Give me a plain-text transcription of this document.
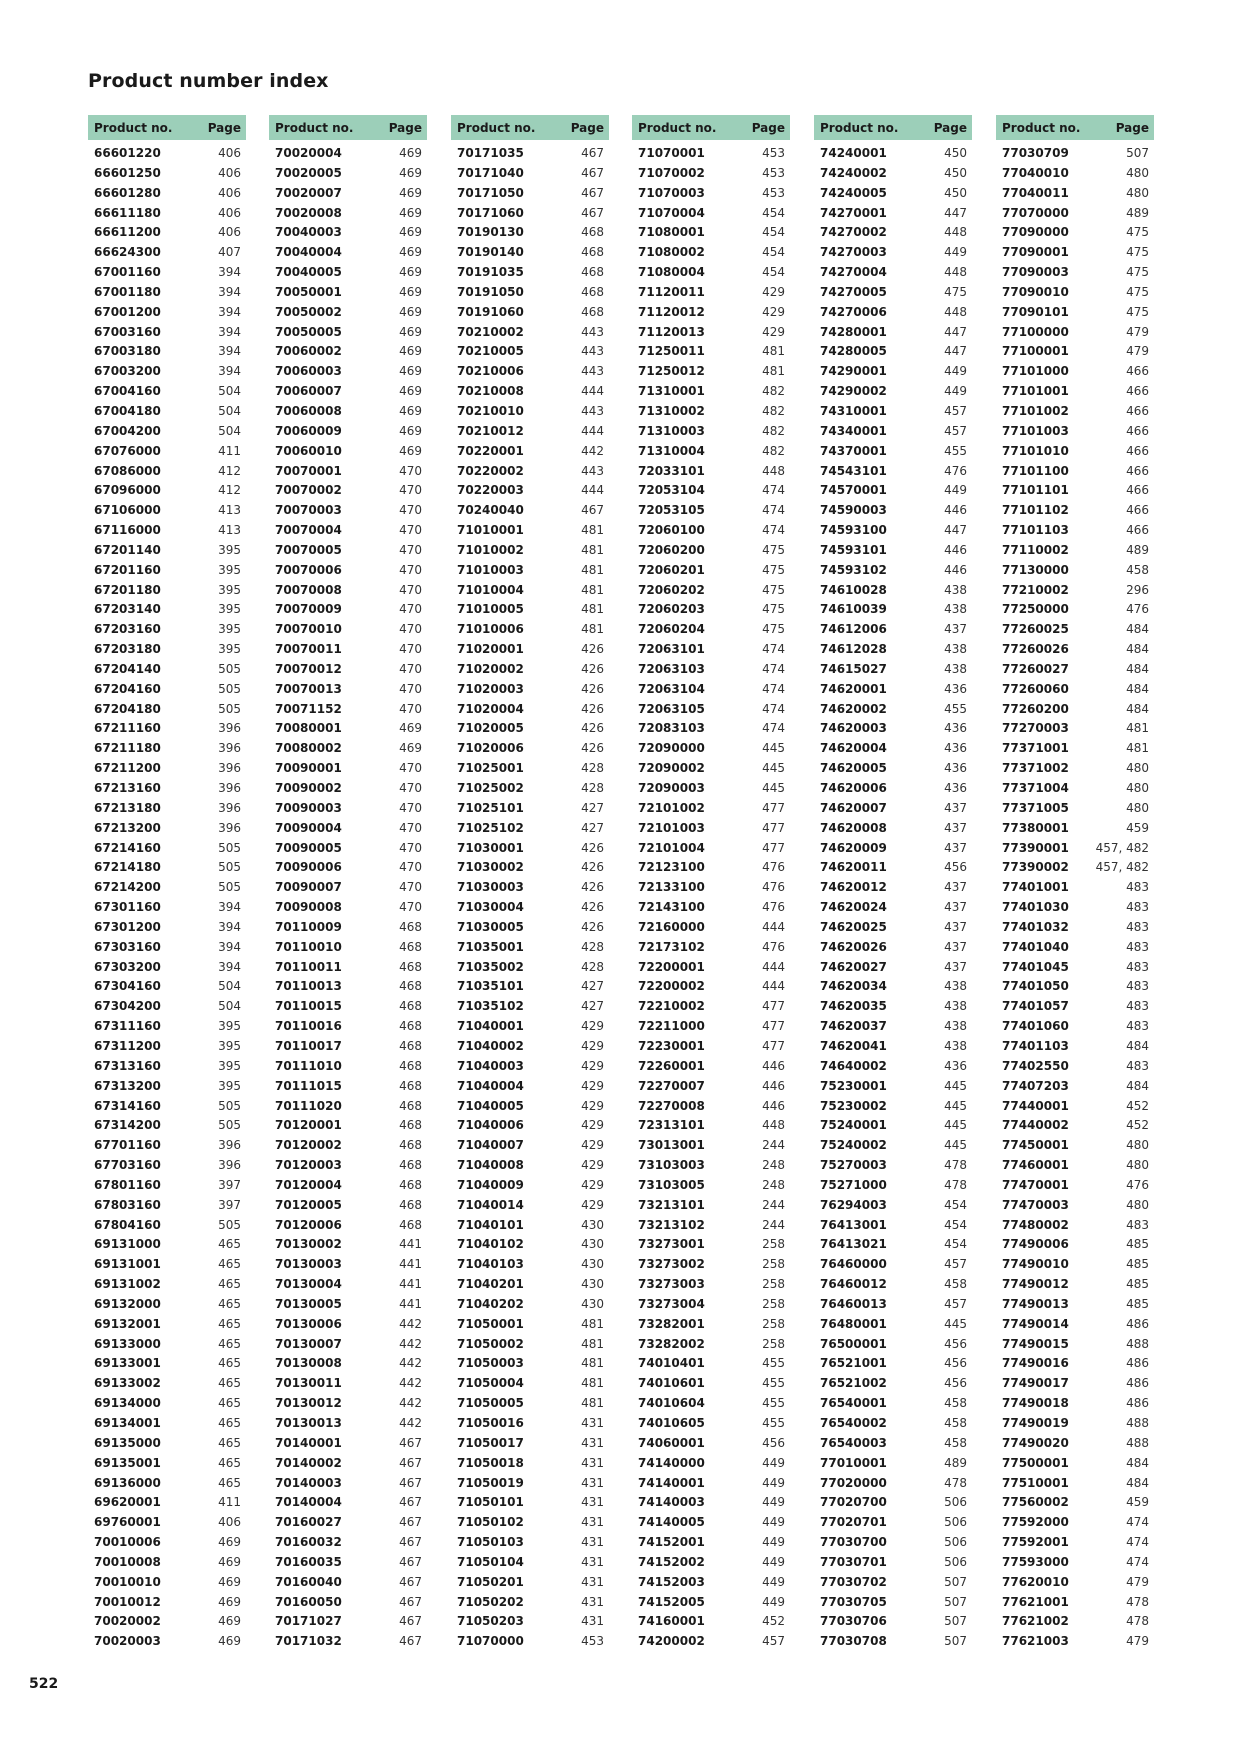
Product number index
Product no.	Page
66601220	406
66601250	406
66601280	406
66611180	406
66611200	406
66624300	407
67001160	394
67001180	394
67001200	394
67003160	394
67003180	394
67003200	394
67004160	504
67004180	504
67004200	504
67076000	411
67086000	412
67096000	412
67106000	413
67116000	413
67201140	395
67201160	395
67201180	395
67203140	395
67203160	395
67203180	395
67204140	505
67204160	505
67204180	505
67211160	396
67211180	396
67211200	396
67213160	396
67213180	396
67213200	396
67214160	505
67214180	505
67214200	505
67301160	394
67301200	394
67303160	394
67303200	394
67304160	504
67304200	504
67311160	395
67311200	395
67313160	395
67313200	395
67314160	505
67314200	505
67701160	396
67703160	396
67801160	397
67803160	397
67804160	505
69131000	465
69131001	465
69131002	465
69132000	465
69132001	465
69133000	465
69133001	465
69133002	465
69134000	465
69134001	465
69135000	465
69135001	465
69136000	465
69620001	411
69760001	406
70010006	469
70010008	469
70010010	469
70010012	469
70020002	469
70020003	469
Product no.	Page
70020004	469
70020005	469
70020007	469
70020008	469
70040003	469
70040004	469
70040005	469
70050001	469
70050002	469
70050005	469
70060002	469
70060003	469
70060007	469
70060008	469
70060009	469
70060010	469
70070001	470
70070002	470
70070003	470
70070004	470
70070005	470
70070006	470
70070008	470
70070009	470
70070010	470
70070011	470
70070012	470
70070013	470
70071152	470
70080001	469
70080002	469
70090001	470
70090002	470
70090003	470
70090004	470
70090005	470
70090006	470
70090007	470
70090008	470
70110009	468
70110010	468
70110011	468
70110013	468
70110015	468
70110016	468
70110017	468
70111010	468
70111015	468
70111020	468
70120001	468
70120002	468
70120003	468
70120004	468
70120005	468
70120006	468
70130002	441
70130003	441
70130004	441
70130005	441
70130006	442
70130007	442
70130008	442
70130011	442
70130012	442
70130013	442
70140001	467
70140002	467
70140003	467
70140004	467
70160027	467
70160032	467
70160035	467
70160040	467
70160050	467
70171027	467
70171032	467
Product no.	Page
70171035	467
70171040	467
70171050	467
70171060	467
70190130	468
70190140	468
70191035	468
70191050	468
70191060	468
70210002	443
70210005	443
70210006	443
70210008	444
70210010	443
70210012	444
70220001	442
70220002	443
70220003	444
70240040	467
71010001	481
71010002	481
71010003	481
71010004	481
71010005	481
71010006	481
71020001	426
71020002	426
71020003	426
71020004	426
71020005	426
71020006	426
71025001	428
71025002	428
71025101	427
71025102	427
71030001	426
71030002	426
71030003	426
71030004	426
71030005	426
71035001	428
71035002	428
71035101	427
71035102	427
71040001	429
71040002	429
71040003	429
71040004	429
71040005	429
71040006	429
71040007	429
71040008	429
71040009	429
71040014	429
71040101	430
71040102	430
71040103	430
71040201	430
71040202	430
71050001	481
71050002	481
71050003	481
71050004	481
71050005	481
71050016	431
71050017	431
71050018	431
71050019	431
71050101	431
71050102	431
71050103	431
71050104	431
71050201	431
71050202	431
71050203	431
71070000	453
Product no.	Page
71070001	453
71070002	453
71070003	453
71070004	454
71080001	454
71080002	454
71080004	454
71120011	429
71120012	429
71120013	429
71250011	481
71250012	481
71310001	482
71310002	482
71310003	482
71310004	482
72033101	448
72053104	474
72053105	474
72060100	474
72060200	475
72060201	475
72060202	475
72060203	475
72060204	475
72063101	474
72063103	474
72063104	474
72063105	474
72083103	474
72090000	445
72090002	445
72090003	445
72101002	477
72101003	477
72101004	477
72123100	476
72133100	476
72143100	476
72160000	444
72173102	476
72200001	444
72200002	444
72210002	477
72211000	477
72230001	477
72260001	446
72270007	446
72270008	446
72313101	448
73013001	244
73103003	248
73103005	248
73213101	244
73213102	244
73273001	258
73273002	258
73273003	258
73273004	258
73282001	258
73282002	258
74010401	455
74010601	455
74010604	455
74010605	455
74060001	456
74140000	449
74140001	449
74140003	449
74140005	449
74152001	449
74152002	449
74152003	449
74152005	449
74160001	452
74200002	457
Product no.	Page
74240001	450
74240002	450
74240005	450
74270001	447
74270002	448
74270003	449
74270004	448
74270005	475
74270006	448
74280001	447
74280005	447
74290001	449
74290002	449
74310001	457
74340001	457
74370001	455
74543101	476
74570001	449
74590003	446
74593100	447
74593101	446
74593102	446
74610028	438
74610039	438
74612006	437
74612028	438
74615027	438
74620001	436
74620002	455
74620003	436
74620004	436
74620005	436
74620006	436
74620007	437
74620008	437
74620009	437
74620011	456
74620012	437
74620024	437
74620025	437
74620026	437
74620027	437
74620034	438
74620035	438
74620037	438
74620041	438
74640002	436
75230001	445
75230002	445
75240001	445
75240002	445
75270003	478
75271000	478
76294003	454
76413001	454
76413021	454
76460000	457
76460012	458
76460013	457
76480001	445
76500001	456
76521001	456
76521002	456
76540001	458
76540002	458
76540003	458
77010001	489
77020000	478
77020700	506
77020701	506
77030700	506
77030701	506
77030702	507
77030705	507
77030706	507
77030708	507
Product no.	Page
77030709	507
77040010	480
77040011	480
77070000	489
77090000	475
77090001	475
77090003	475
77090010	475
77090101	475
77100000	479
77100001	479
77101000	466
77101001	466
77101002	466
77101003	466
77101010	466
77101100	466
77101101	466
77101102	466
77101103	466
77110002	489
77130000	458
77210002	296
77250000	476
77260025	484
77260026	484
77260027	484
77260060	484
77260200	484
77270003	481
77371001	481
77371002	480
77371004	480
77371005	480
77380001	459
77390001 457, 482
77390002 457, 482
77401001	483
77401030	483
77401032	483
77401040	483
77401045	483
77401050	483
77401057	483
77401060	483
77401103	484
77402550	483
77407203	484
77440001	452
77440002	452
77450001	480
77460001	480
77470001	476
77470003	480
77480002	483
77490006	485
77490010	485
77490012	485
77490013	485
77490014	486
77490015	488
77490016	486
77490017	486
77490018	486
77490019	488
77490020	488
77500001	484
77510001	484
77560002	459
77592000	474
77592001	474
77593000	474
77620010	479
77621001	478
77621002	478
77621003	479
522
